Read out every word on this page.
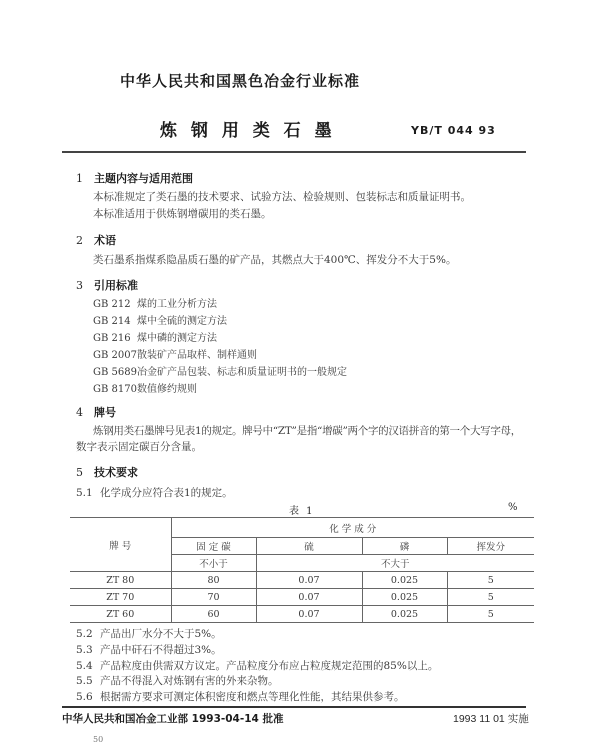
中华人民共和国黑色冶金行业标准
炼 钢 用 类 石 墨	YB/T 044 93
1 主题内容与适用范围
本标准规定了类石墨的技术要求、试验方法、检验规则、包装标志和质量证明书。
本标准适用于供炼钢增碳用的类石墨。
2 术语
类石墨系指煤系隐晶质石墨的矿产品，其燃点大于400℃、挥发分不大于5%。
3 引用标准
GB 212 煤的工业分析方法
GB 214 煤中全硫的测定方法
GB 216 煤中磷的测定方法
GB 2007散装矿产品取样、制样通则
GB 5689冶金矿产品包装、标志和质量证明书的一般规定
GB 8170数值修约规则
4 牌号
炼钢用类石墨牌号见表1的规定。牌号中“ZT”是指“增碳”两个字的汉语拼音的第一个大写字母，
数字表示固定碳百分含量。
5 技术要求
5.1 化学成分应符合表1的规定。
表 1	%
牌 号	化 学 成 分			
	固 定 碳	硫	磷	挥发分
	不小于	不大于		
ZT 80	80	0.07	0.025	5
ZT 70	70	0.07	0.025	5
ZT 60	60	0.07	0.025	5
5.2 产品出厂水分不大于5%。
5.3 产品中矸石不得超过3%。
5.4 产品粒度由供需双方议定。产品粒度分布应占粒度规定范围的85%以上。
5.5 产品不得混入对炼钢有害的外来杂物。
5.6 根据需方要求可测定体积密度和燃点等理化性能，其结果供参考。
中华人民共和国冶金工业部 1993-04-14 批准	1993 11 01 实施
50
